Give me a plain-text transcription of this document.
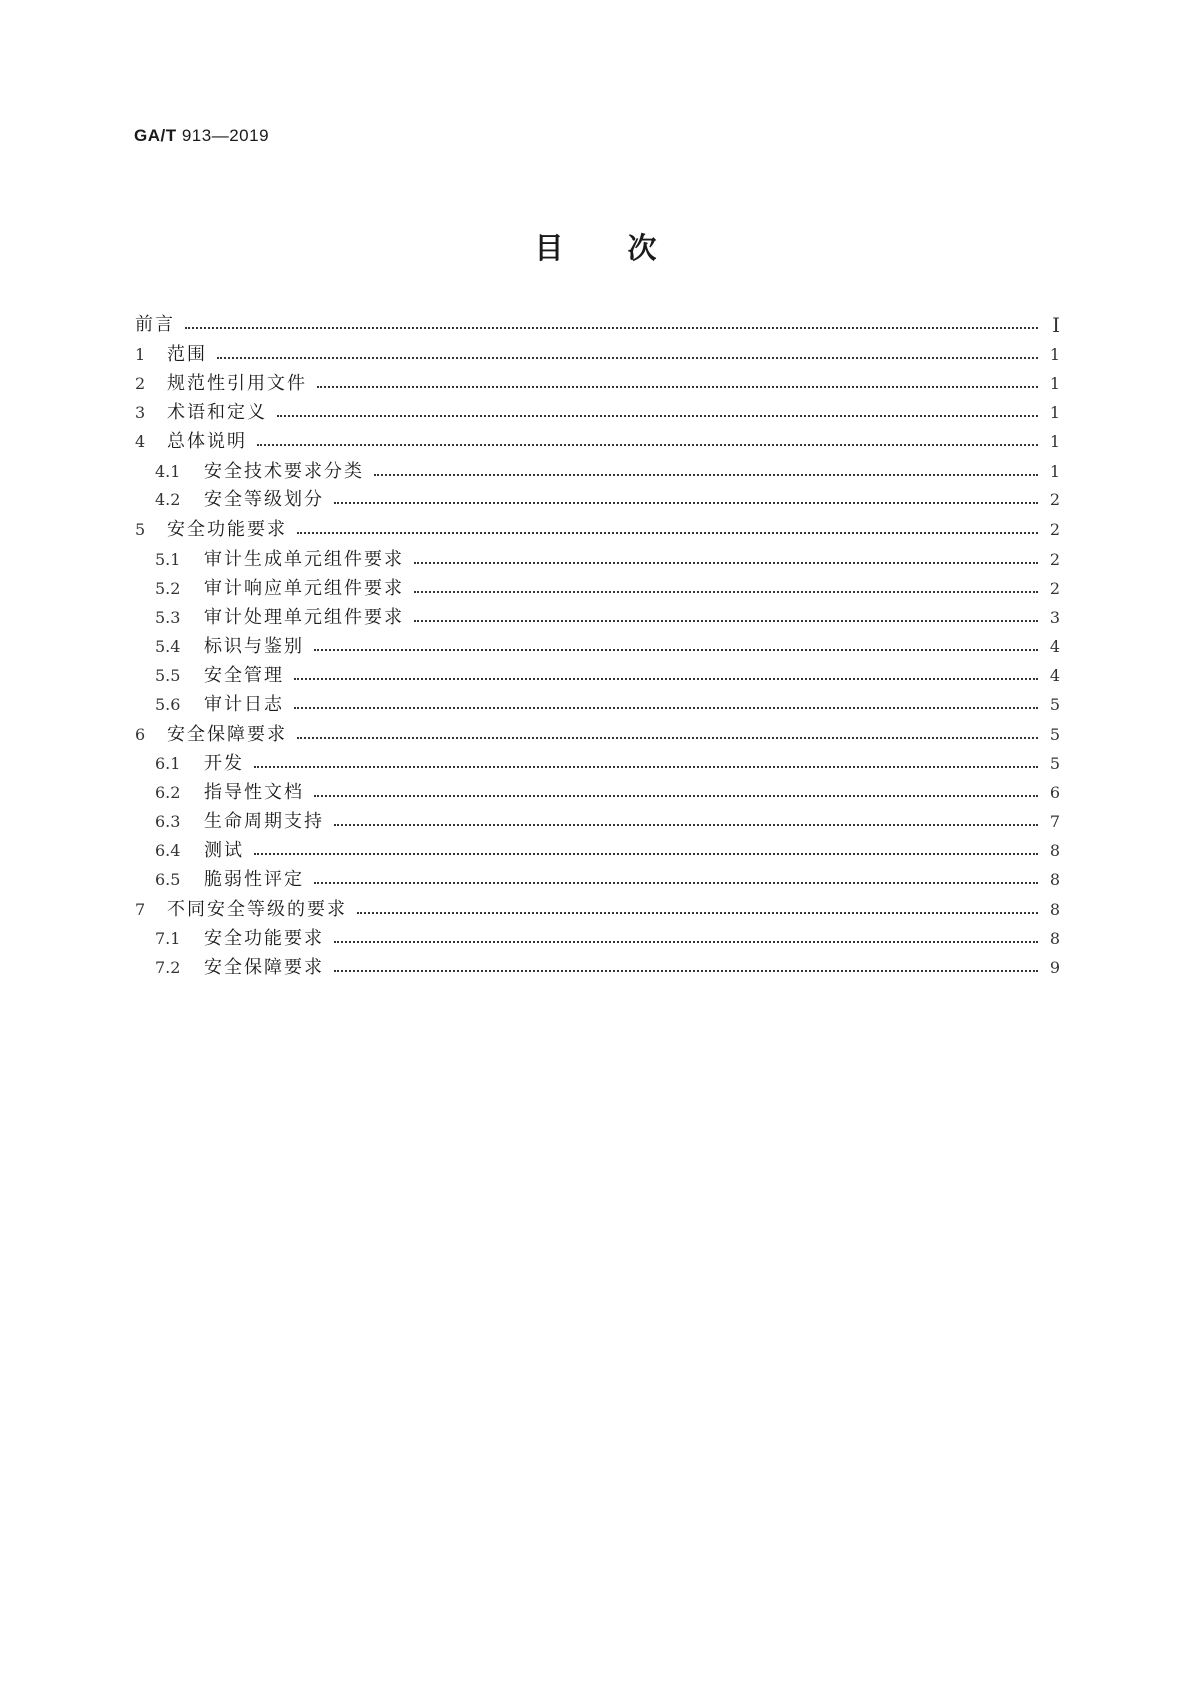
GA/T 913—2019
目 次
前言	Ⅰ
1	范围	1
2	规范性引用文件	1
3	术语和定义	1
4	总体说明	1
4.1	安全技术要求分类	1
4.2	安全等级划分	2
5	安全功能要求	2
5.1	审计生成单元组件要求	2
5.2	审计响应单元组件要求	2
5.3	审计处理单元组件要求	3
5.4	标识与鉴别	4
5.5	安全管理	4
5.6	审计日志	5
6	安全保障要求	5
6.1	开发	5
6.2	指导性文档	6
6.3	生命周期支持	7
6.4	测试	8
6.5	脆弱性评定	8
7	不同安全等级的要求	8
7.1	安全功能要求	8
7.2	安全保障要求	9
